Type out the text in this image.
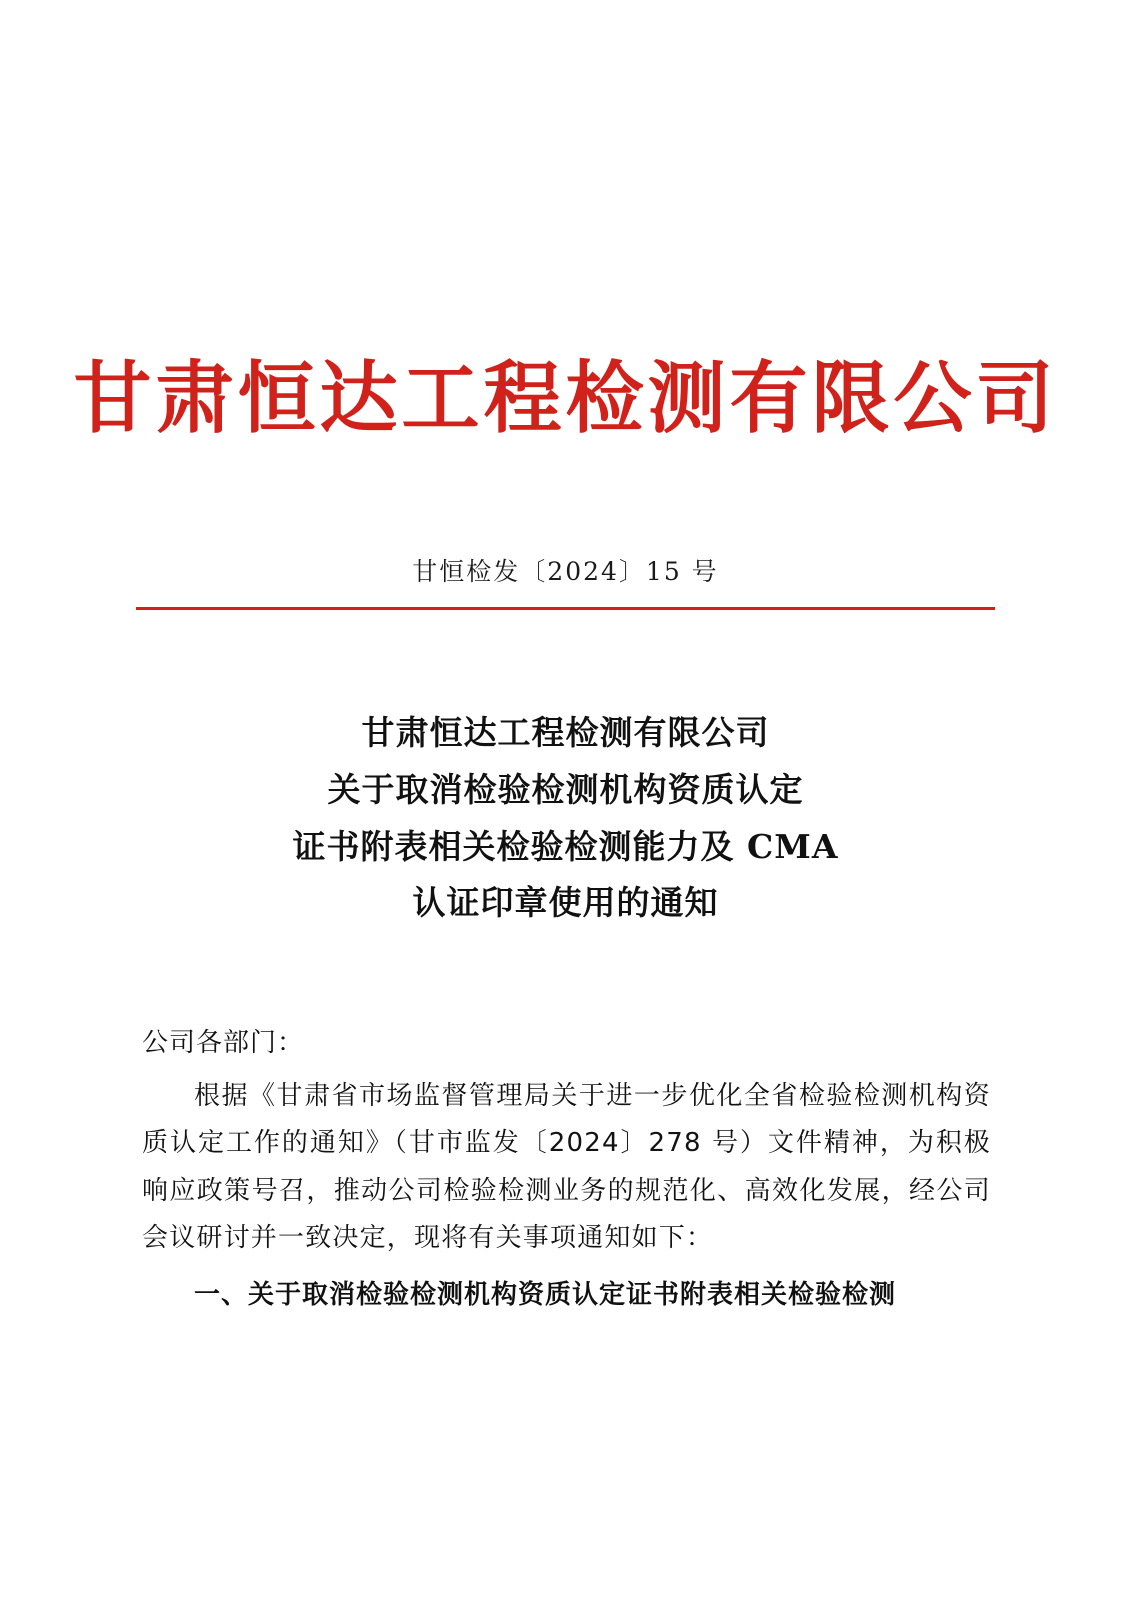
甘肃恒达工程检测有限公司
甘恒检发〔2024〕15 号
甘肃恒达工程检测有限公司
关于取消检验检测机构资质认定
证书附表相关检验检测能力及 CMA
认证印章使用的通知
公司各部门：

根据《甘肃省市场监督管理局关于进一步优化全省检验检测机构资质认定工作的通知》（甘市监发〔2024〕278 号）文件精神，为积极响应政策号召，推动公司检验检测业务的规范化、高效化发展，经公司会议研讨并一致决定，现将有关事项通知如下：

一、关于取消检验检测机构资质认定证书附表相关检验检测
